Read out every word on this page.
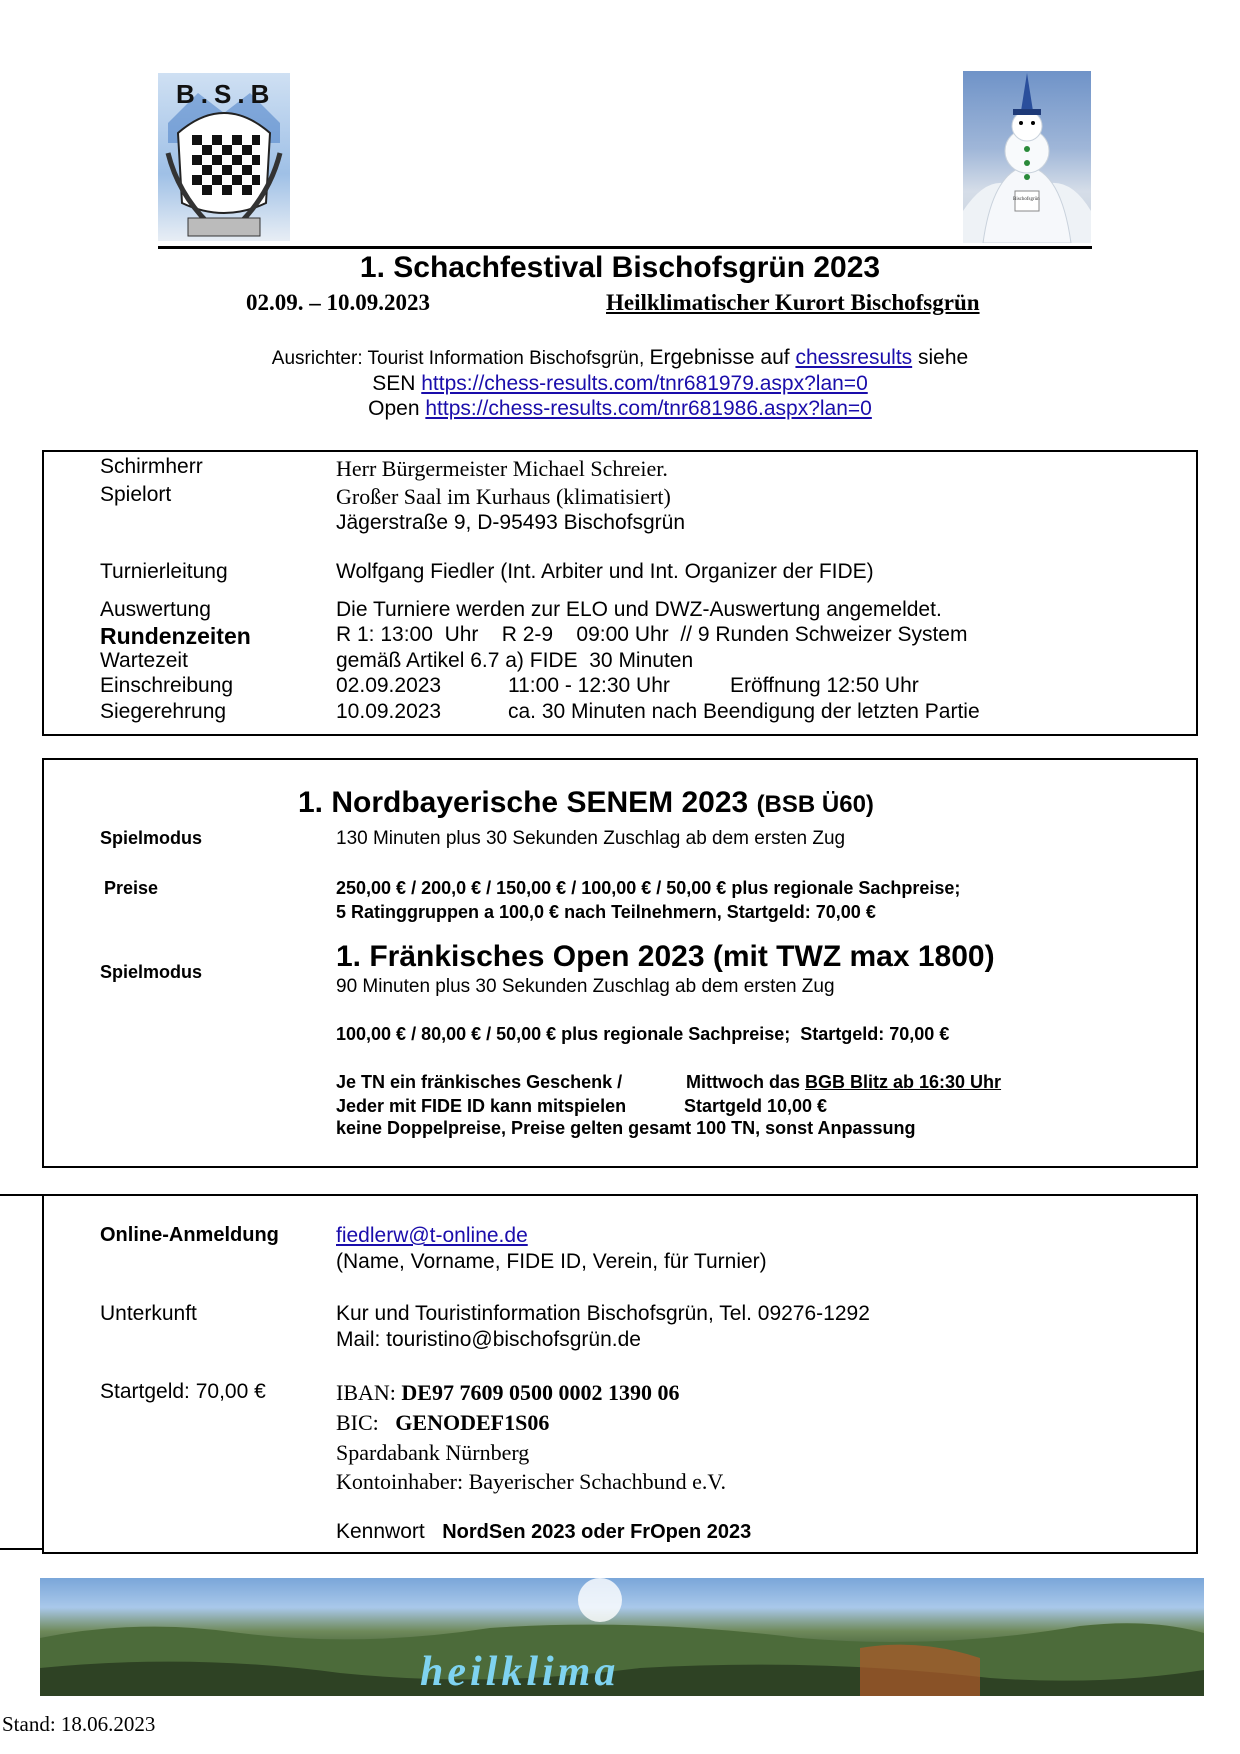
B.S.B
Bischofsgrün
1. Schachfestival Bischofsgrün 2023
02.09. – 10.09.2023	Heilklimatischer Kurort Bischofsgrün
Ausrichter: Tourist Information Bischofsgrün, Ergebnisse auf chessresults siehe
SEN https://chess-results.com/tnr681979.aspx?lan=0
Open https://chess-results.com/tnr681986.aspx?lan=0
Schirmherr	Herr Bürgermeister Michael Schreier.
Spielort	Großer Saal im Kurhaus (klimatisiert)
Jägerstraße 9, D-95493 Bischofsgrün
Turnierleitung	Wolfgang Fiedler (Int. Arbiter und Int. Organizer der FIDE)
Auswertung	Die Turniere werden zur ELO und DWZ-Auswertung angemeldet.
Rundenzeiten	R 1: 13:00  Uhr    R 2-9    09:00 Uhr  // 9 Runden Schweizer System
Wartezeit	gemäß Artikel 6.7 a) FIDE  30 Minuten
Einschreibung	02.09.2023	11:00 - 12:30 Uhr	Eröffnung 12:50 Uhr
Siegerehrung	10.09.2023	ca. 30 Minuten nach Beendigung der letzten Partie
1. Nordbayerische SENEM 2023 (BSB Ü60)
Spielmodus	130 Minuten plus 30 Sekunden Zuschlag ab dem ersten Zug
Preise	250,00 € / 200,0 € / 150,00 € / 100,00 € / 50,00 € plus regionale Sachpreise;
5 Ratinggruppen a 100,0 € nach Teilnehmern, Startgeld: 70,00 €
1. Fränkisches Open 2023 (mit TWZ max 1800)
Spielmodus
90 Minuten plus 30 Sekunden Zuschlag ab dem ersten Zug
100,00 € / 80,00 € / 50,00 € plus regionale Sachpreise;  Startgeld: 70,00 €
Je TN ein fränkisches Geschenk /	Mittwoch das BGB Blitz ab 16:30 Uhr
Jeder mit FIDE ID kann mitspielen	Startgeld 10,00 €
keine Doppelpreise, Preise gelten gesamt 100 TN, sonst Anpassung
Online-Anmeldung	fiedlerw@t-online.de
(Name, Vorname, FIDE ID, Verein, für Turnier)
Unterkunft	Kur und Touristinformation Bischofsgrün, Tel. 09276-1292
Mail: touristino@bischofsgrün.de
Startgeld: 70,00 €	IBAN: DE97 7609 0500 0002 1390 06
BIC:   GENODEF1S06
Spardabank Nürnberg
Kontoinhaber: Bayerischer Schachbund e.V.
Kennwort   NordSen 2023 oder FrOpen 2023
heilklima
Stand: 18.06.2023
